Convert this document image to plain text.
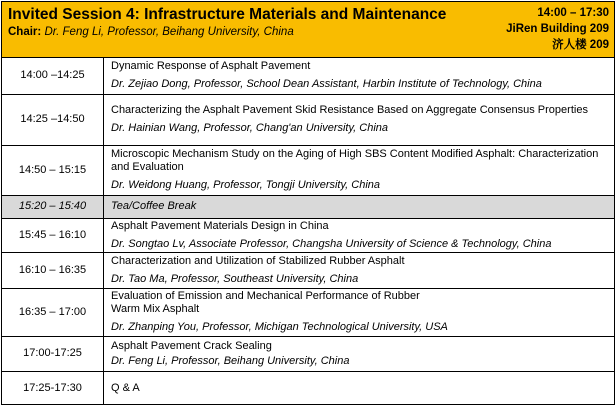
Invited Session 4: Infrastructure Materials and Maintenance
Chair: Dr. Feng Li, Professor, Beihang University, China
14:00 – 17:30
JiRen Building 209
济人楼 209
14:00 –14:25	Dynamic Response of Asphalt Pavement
Dr. Zejiao Dong, Professor, School Dean Assistant, Harbin Institute of Technology, China

14:25 –14:50	Characterizing the Asphalt Pavement Skid Resistance Based on Aggregate Consensus Properties
Dr. Hainian Wang, Professor, Chang'an University, China

14:50 – 15:15	Microscopic Mechanism Study on the Aging of High SBS Content Modified Asphalt: Characterization and Evaluation
Dr. Weidong Huang, Professor, Tongji University, China

15:20 – 15:40	Tea/Coffee Break
15:45 – 16:10	Asphalt Pavement Materials Design in China
Dr. Songtao Lv, Associate Professor, Changsha University of Science & Technology, China

16:10 – 16:35	Characterization and Utilization of Stabilized Rubber Asphalt
Dr. Tao Ma, Professor, Southeast University, China

16:35 – 17:00	Evaluation of Emission and Mechanical Performance of Rubber
Warm Mix Asphalt
Dr. Zhanping You, Professor, Michigan Technological University, USA

17:00-17:25	Asphalt Pavement Crack Sealing
Dr. Feng Li, Professor, Beihang University, China

17:25-17:30	Q & A
